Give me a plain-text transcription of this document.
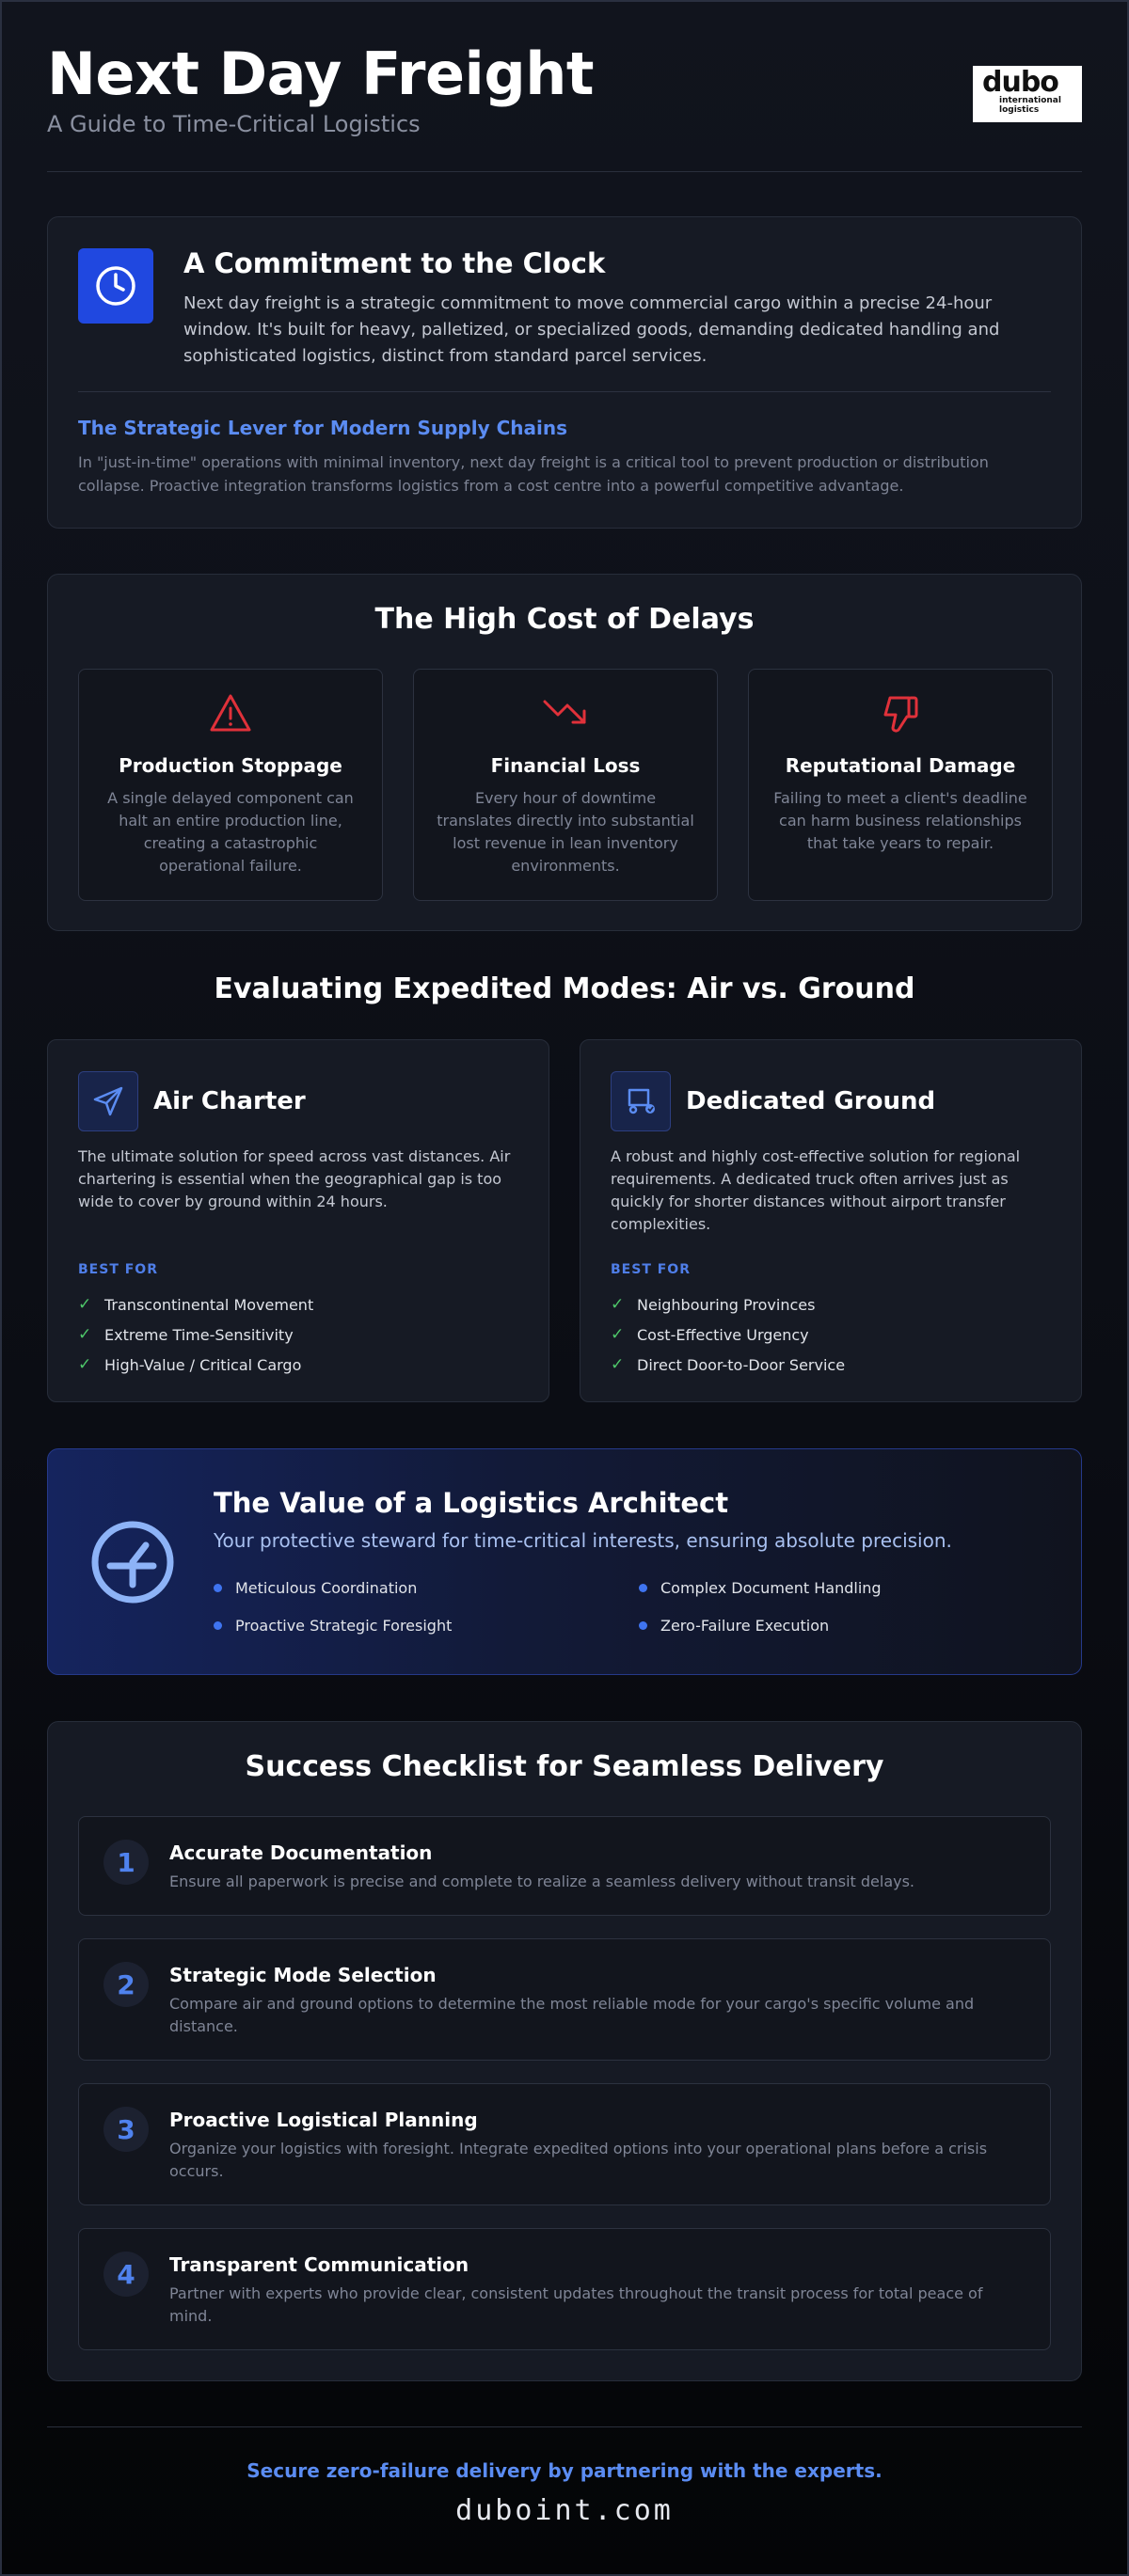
Next Day Freight
A Guide to Time-Critical Logistics
dubo
international
logistics
A Commitment to the Clock
Next day freight is a strategic commitment to move commercial cargo within a precise 24-hour window. It's built for heavy, palletized, or specialized goods, demanding dedicated handling and sophisticated logistics, distinct from standard parcel services.
The Strategic Lever for Modern Supply Chains
In "just-in-time" operations with minimal inventory, next day freight is a critical tool to prevent production or distribution collapse. Proactive integration transforms logistics from a cost centre into a powerful competitive advantage.
The High Cost of Delays
Production Stoppage
A single delayed component can halt an entire production line, creating a catastrophic operational failure.
Financial Loss
Every hour of downtime translates directly into substantial lost revenue in lean inventory environments.
Reputational Damage
Failing to meet a client's deadline can harm business relationships that take years to repair.
Evaluating Expedited Modes: Air vs. Ground
Air Charter
The ultimate solution for speed across vast distances. Air chartering is essential when the geographical gap is too wide to cover by ground within 24 hours.
BEST FOR
✓ Transcontinental Movement
✓ Extreme Time-Sensitivity
✓ High-Value / Critical Cargo
Dedicated Ground
A robust and highly cost-effective solution for regional requirements. A dedicated truck often arrives just as quickly for shorter distances without airport transfer complexities.
BEST FOR
✓ Neighbouring Provinces
✓ Cost-Effective Urgency
✓ Direct Door-to-Door Service
The Value of a Logistics Architect
Your protective steward for time-critical interests, ensuring absolute precision.
Meticulous Coordination	Complex Document Handling
Proactive Strategic Foresight	Zero-Failure Execution
Success Checklist for Seamless Delivery
1	Accurate Documentation
Ensure all paperwork is precise and complete to realize a seamless delivery without transit delays.
2	Strategic Mode Selection
Compare air and ground options to determine the most reliable mode for your cargo's specific volume and distance.
3	Proactive Logistical Planning
Organize your logistics with foresight. Integrate expedited options into your operational plans before a crisis occurs.
4	Transparent Communication
Partner with experts who provide clear, consistent updates throughout the transit process for total peace of mind.
Secure zero-failure delivery by partnering with the experts.
duboint.com
